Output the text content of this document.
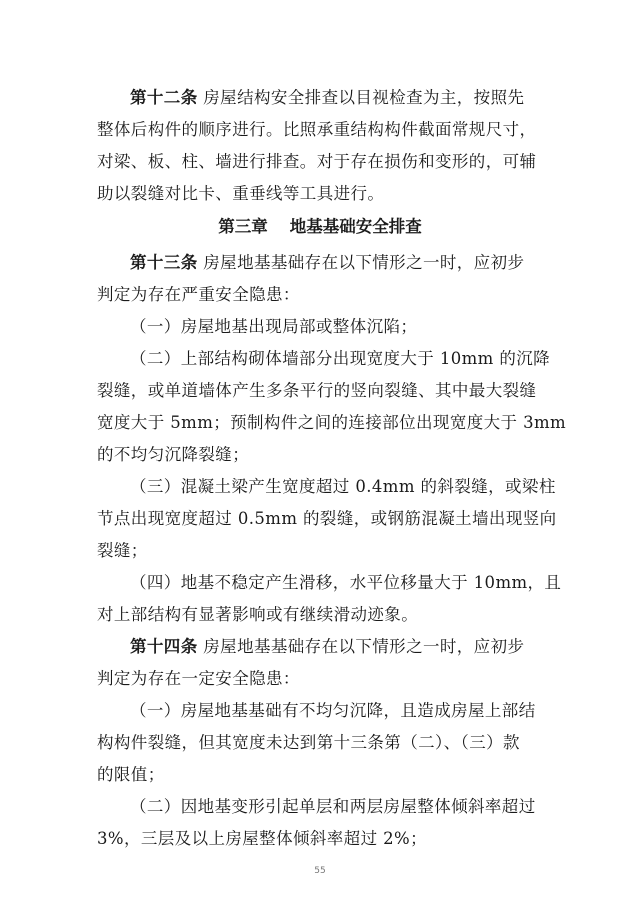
第十二条 房屋结构安全排查以目视检查为主，按照先
整体后构件的顺序进行。比照承重结构构件截面常规尺寸，
对梁、板、柱、墙进行排查。对于存在损伤和变形的，可辅
助以裂缝对比卡、重垂线等工具进行。
第三章 地基基础安全排查
第十三条 房屋地基基础存在以下情形之一时，应初步
判定为存在严重安全隐患：
（一）房屋地基出现局部或整体沉陷；
（二）上部结构砌体墙部分出现宽度大于 10mm 的沉降
裂缝，或单道墙体产生多条平行的竖向裂缝、其中最大裂缝
宽度大于 5mm；预制构件之间的连接部位出现宽度大于 3mm
的不均匀沉降裂缝；
（三）混凝土梁产生宽度超过 0.4mm 的斜裂缝，或梁柱
节点出现宽度超过 0.5mm 的裂缝，或钢筋混凝土墙出现竖向
裂缝；
（四）地基不稳定产生滑移，水平位移量大于 10mm，且
对上部结构有显著影响或有继续滑动迹象。
第十四条 房屋地基基础存在以下情形之一时，应初步
判定为存在一定安全隐患：
（一）房屋地基基础有不均匀沉降，且造成房屋上部结
构构件裂缝，但其宽度未达到第十三条第（二）、（三）款
的限值；
（二）因地基变形引起单层和两层房屋整体倾斜率超过
3%，三层及以上房屋整体倾斜率超过 2%；
55
